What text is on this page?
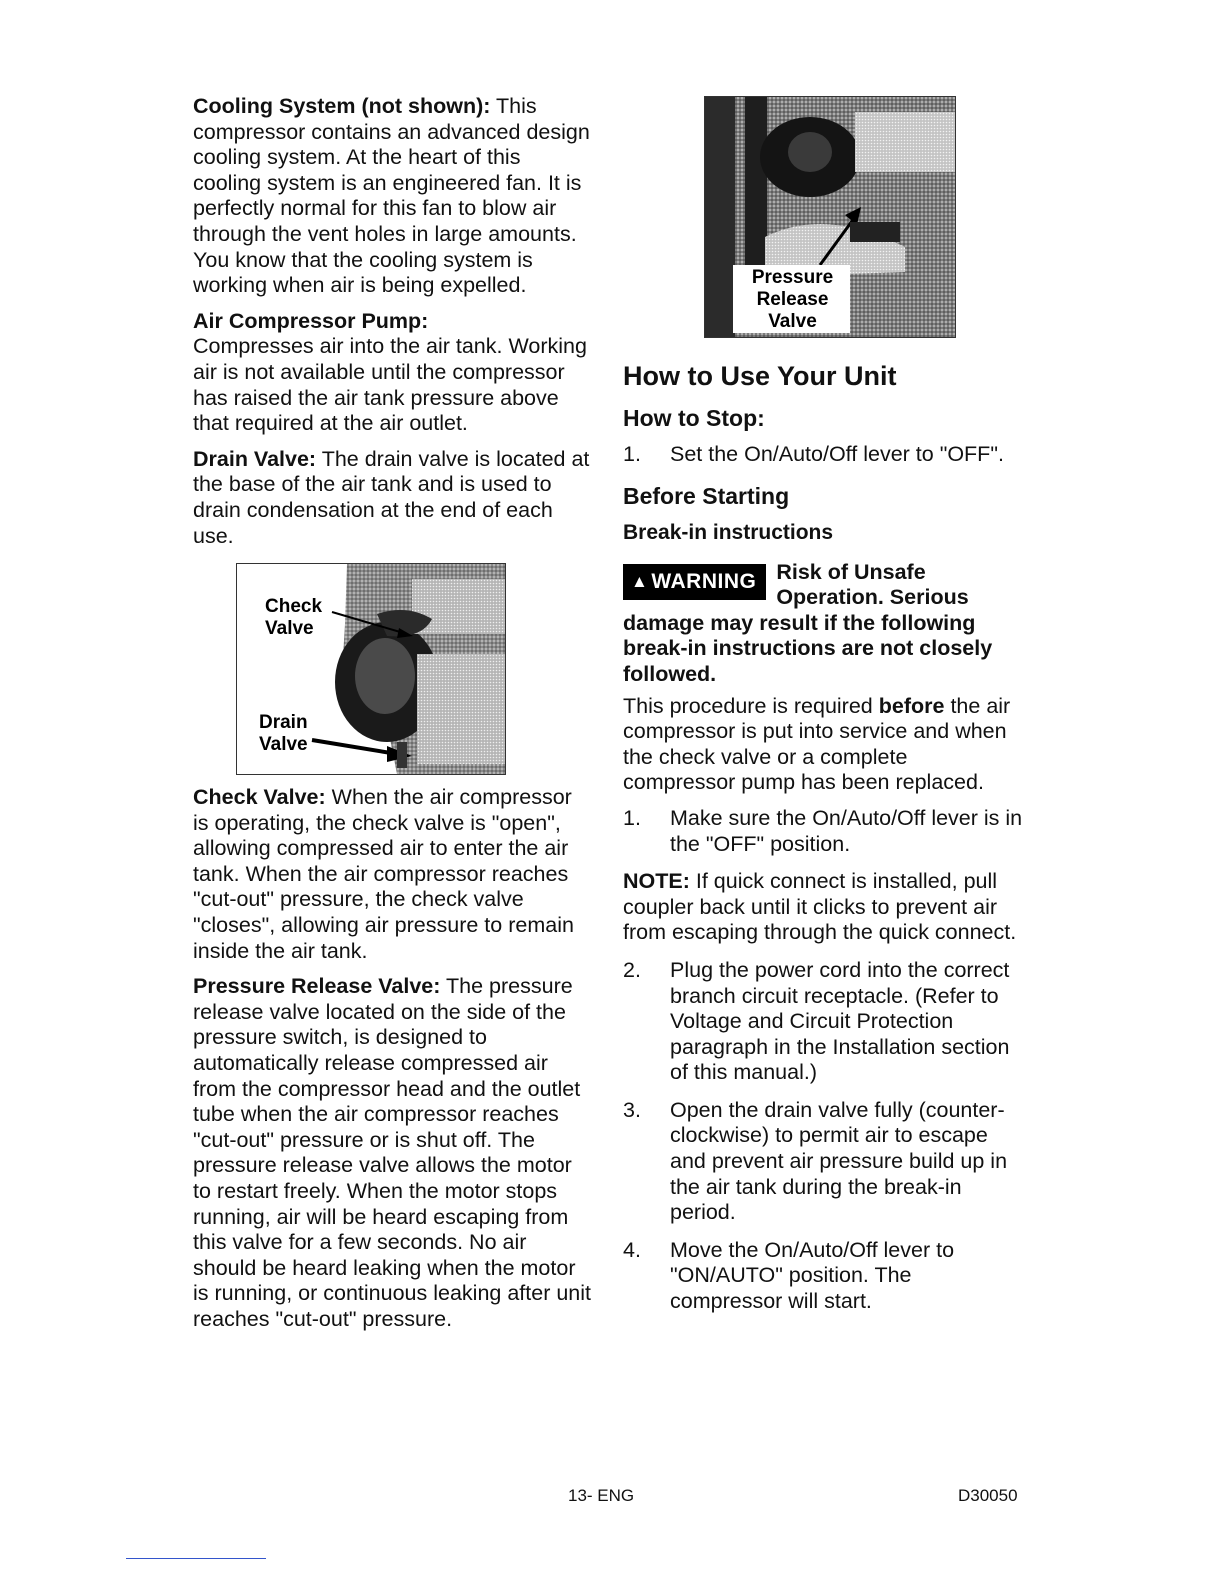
Cooling System (not shown): This compressor contains an advanced design cooling system. At the heart of this cooling system is an engineered fan. It is perfectly normal for this fan to blow air through the vent holes in large amounts. You know that the cooling system is working when air is being expelled.

Air Compressor Pump:
Compresses air into the air tank. Working air is not available until the compressor has raised the air tank pressure above that required at the air outlet.

Drain Valve: The drain valve is located at the base of the air tank and is used to drain condensation at the end of each use.

Check Valve
Drain Valve

Check Valve: When the air compressor is operating, the check valve is "open", allowing compressed air to enter the air tank. When the air compressor reaches "cut-out" pressure, the check valve "closes", allowing air pressure to remain inside the air tank.

Pressure Release Valve: The pressure release valve located on the side of the pressure switch, is designed to automatically release compressed air from the compressor head and the outlet tube when the air compressor reaches "cut-out" pressure or is shut off. The pressure release valve allows the motor to restart freely. When the motor stops running, air will be heard escaping from this valve for a few seconds. No air should be heard leaking when the motor is running, or continuous leaking after unit reaches "cut-out" pressure.

Pressure Release Valve
How to Use Your Unit
How to Stop:
1.	Set the On/Auto/Off lever to "OFF".
Before Starting
Break-in instructions
▲ WARNING Risk of Unsafe Operation. Serious damage may result if the following break-in instructions are not closely followed.

This procedure is required before the air compressor is put into service and when the check valve or a complete compressor pump has been replaced.

1.	Make sure the On/Auto/Off lever is in the "OFF" position.

NOTE: If quick connect is installed, pull coupler back until it clicks to prevent air from escaping through the quick connect.

2.	Plug the power cord into the correct branch circuit receptacle. (Refer to Voltage and Circuit Protection paragraph in the Installation section of this manual.)
3.	Open the drain valve fully (counter-clockwise) to permit air to escape and prevent air pressure build up in the air tank during the break-in period.
4.	Move the On/Auto/Off lever to "ON/AUTO" position. The compressor will start.
13- ENG	D30050
